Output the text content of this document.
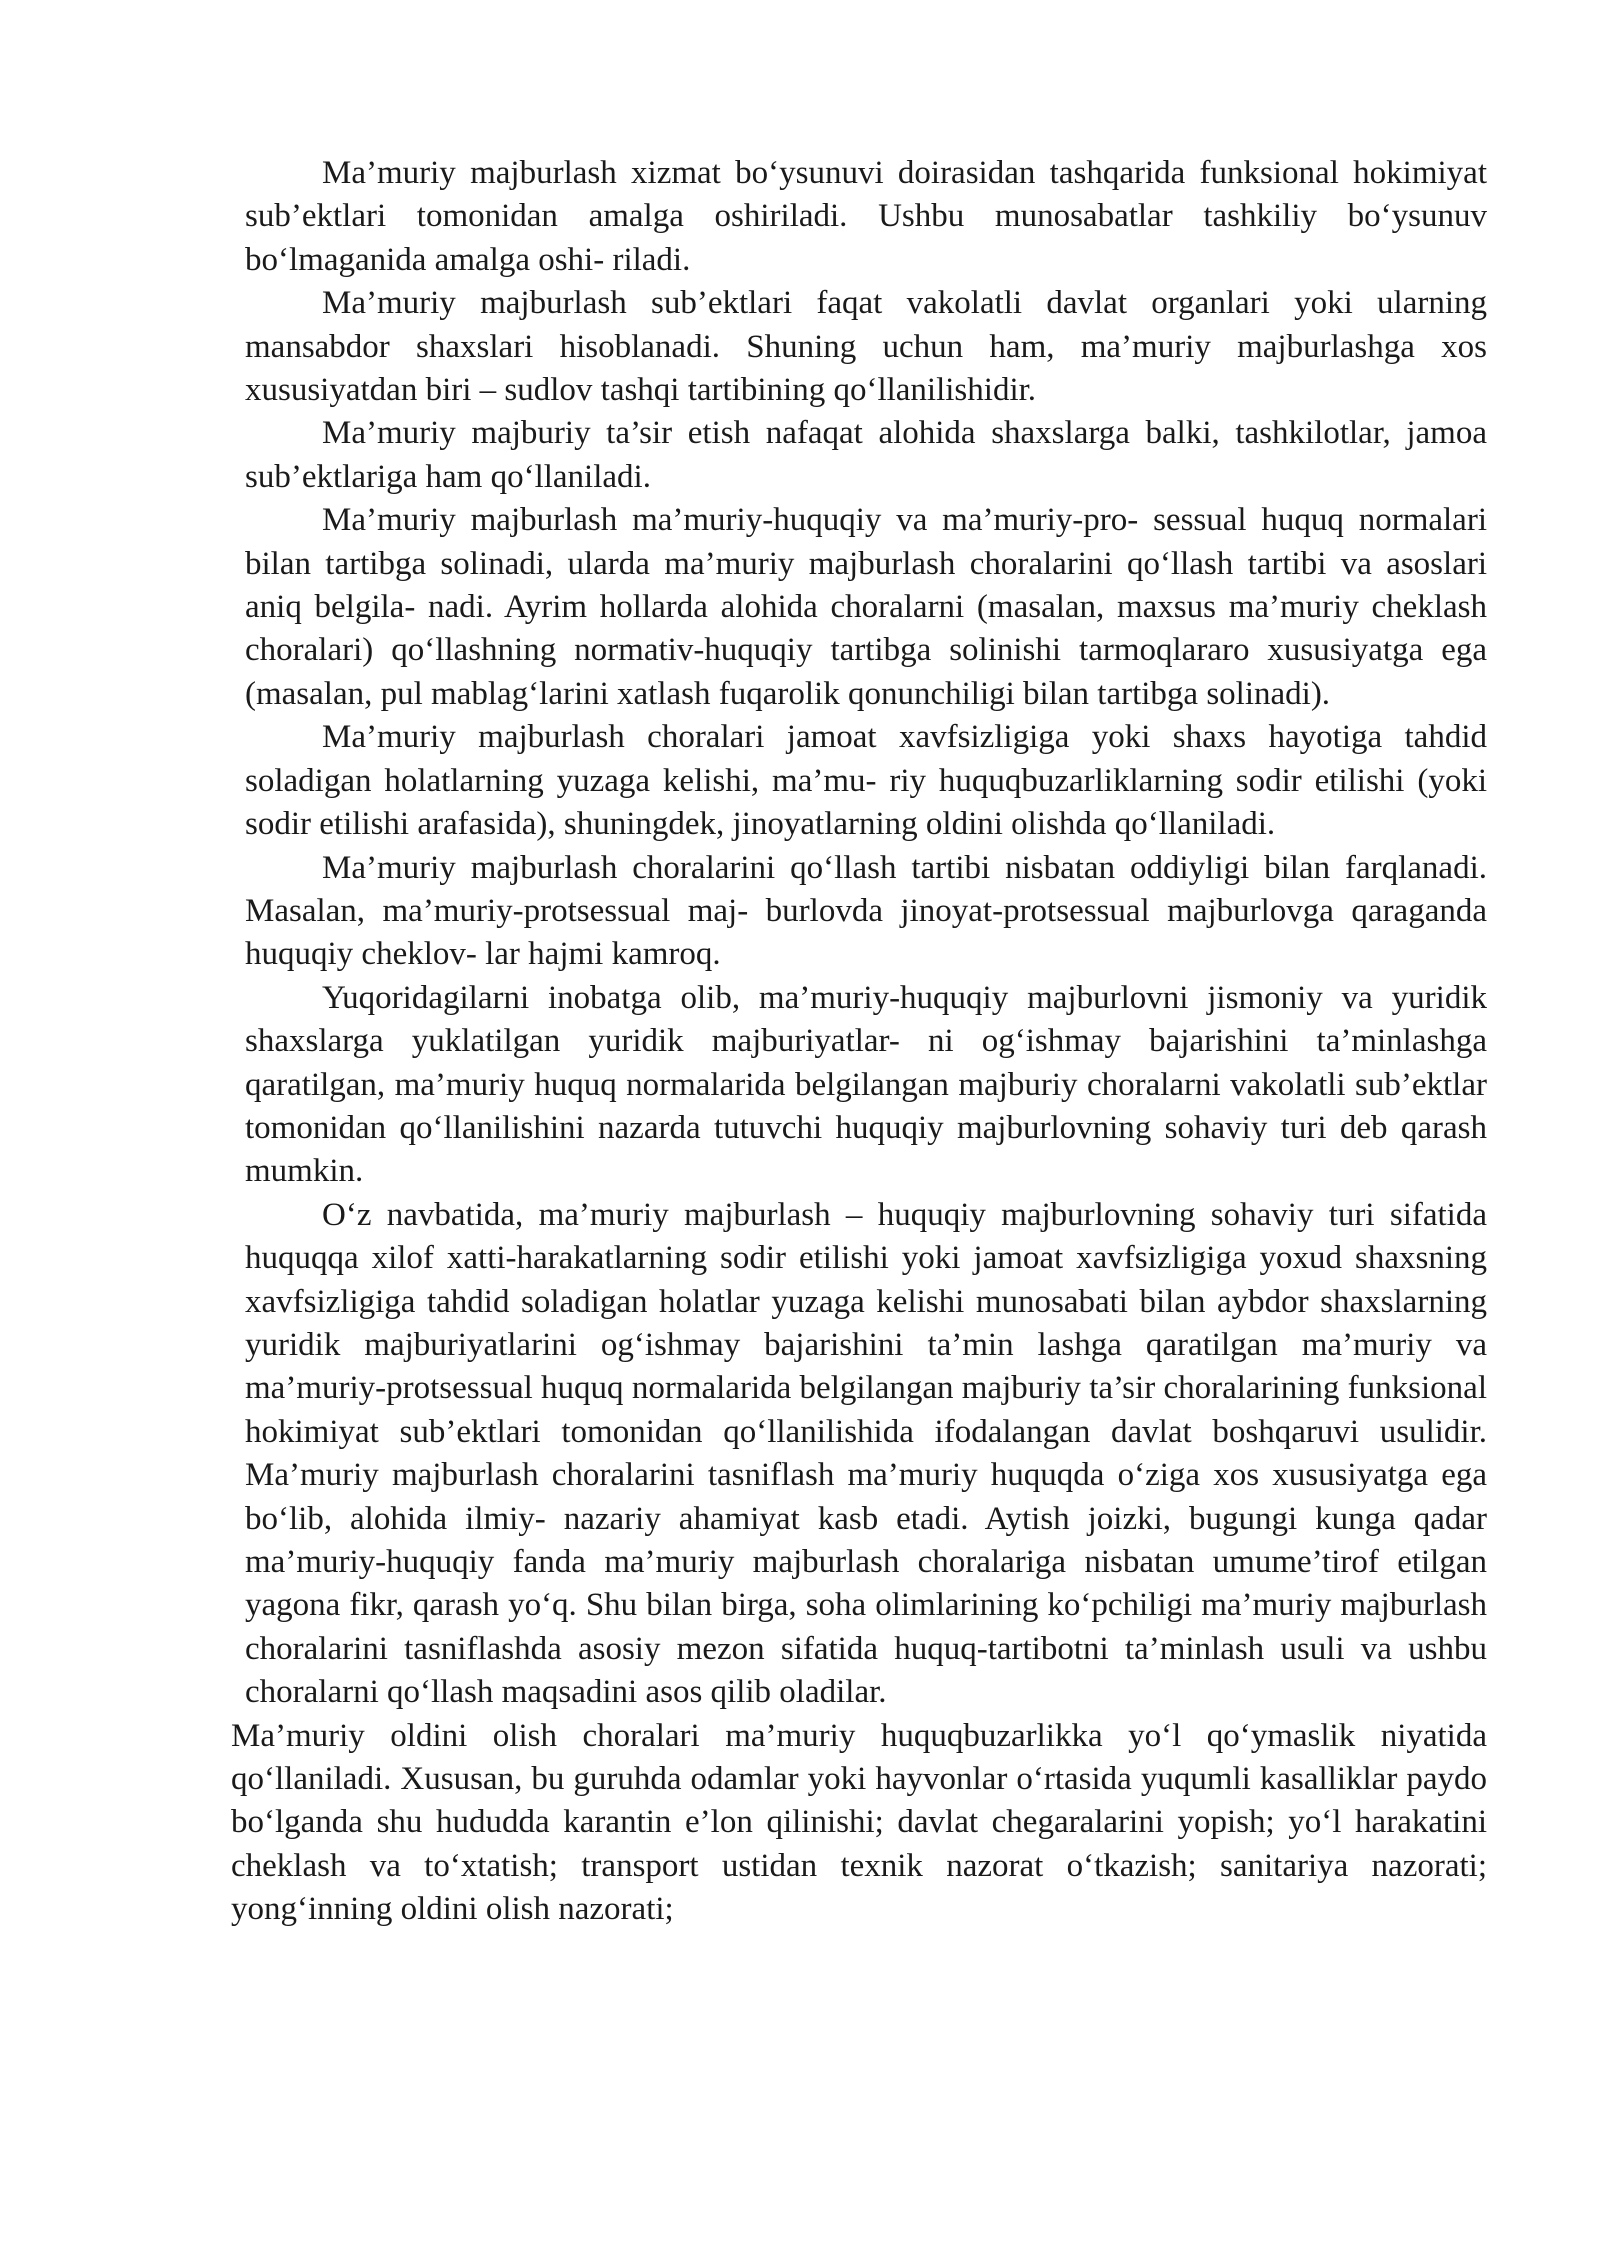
Ma’muriy majburlash xizmat bo‘ysunuvi doirasidan tashqarida funksional hokimiyat sub’ektlari tomonidan amalga oshiriladi. Ushbu munosabatlar tashkiliy bo‘ysunuv bo‘lmaganida amalga oshi- riladi.

Ma’muriy majburlash sub’ektlari faqat vakolatli davlat organlari yoki ularning mansabdor shaxslari hisoblanadi. Shuning uchun ham, ma’muriy majburlashga xos xususiyatdan biri – sudlov tashqi tartibining qo‘llanilishidir.

Ma’muriy majburiy ta’sir etish nafaqat alohida shaxslarga balki, tashkilotlar, jamoa sub’ektlariga ham qo‘llaniladi.

Ma’muriy majburlash ma’muriy-huquqiy va ma’muriy-pro- sessual huquq normalari bilan tartibga solinadi, ularda ma’muriy majburlash choralarini qo‘llash tartibi va asoslari aniq belgila- nadi. Ayrim hollarda alohida choralarni (masalan, maxsus ma’muriy cheklash choralari) qo‘llashning normativ-huquqiy tartibga solinishi tarmoqlararo xususiyatga ega (masalan, pul mablag‘larini xatlash fuqarolik qonunchiligi bilan tartibga solinadi).

Ma’muriy majburlash choralari jamoat xavfsizligiga yoki shaxs hayotiga tahdid soladigan holatlarning yuzaga kelishi, ma’mu- riy huquqbuzarliklarning sodir etilishi (yoki sodir etilishi arafasida), shuningdek, jinoyatlarning oldini olishda qo‘llaniladi.

Ma’muriy majburlash choralarini qo‘llash tartibi nisbatan oddiyligi bilan farqlanadi. Masalan, ma’muriy-protsessual maj- burlovda jinoyat-protsessual majburlovga qaraganda huquqiy cheklov- lar hajmi kamroq.

Yuqoridagilarni inobatga olib, ma’muriy-huquqiy majburlovni jismoniy va yuridik shaxslarga yuklatilgan yuridik majburiyatlar- ni og‘ishmay bajarishini ta’minlashga qaratilgan, ma’muriy huquq normalarida belgilangan majburiy choralarni vakolatli sub’ektlar tomonidan qo‘llanilishini nazarda tutuvchi huquqiy majburlovning sohaviy turi deb qarash mumkin.

O‘z navbatida, ma’muriy majburlash – huquqiy majburlovning sohaviy turi sifatida huquqqa xilof xatti-harakatlarning sodir etilishi yoki jamoat xavfsizligiga yoxud shaxsning xavfsizligiga tahdid soladigan holatlar yuzaga kelishi munosabati bilan aybdor shaxslarning yuridik majburiyatlarini og‘ishmay bajarishini ta’min lashga qaratilgan ma’muriy va ma’muriy-protsessual huquq normalarida belgilangan majburiy ta’sir choralarining funksional hokimiyat sub’ektlari tomonidan qo‘llanilishida ifodalangan davlat boshqaruvi usulidir. Ma’muriy majburlash choralarini tasniflash ma’muriy huquqda o‘ziga xos xususiyatga ega bo‘lib, alohida ilmiy- nazariy ahamiyat kasb etadi. Aytish joizki, bugungi kunga qadar ma’muriy-huquqiy fanda ma’muriy majburlash choralariga nisbatan umume’tirof etilgan yagona fikr, qarash yo‘q. Shu bilan birga, soha olimlarining ko‘pchiligi ma’muriy majburlash choralarini tasniflashda asosiy mezon sifatida huquq-tartibotni ta’minlash usuli va ushbu choralarni qo‘llash maqsadini asos qilib oladilar.

Ma’muriy oldini olish choralari ma’muriy huquqbuzarlikka yo‘l qo‘ymaslik niyatida qo‘llaniladi. Xususan, bu guruhda odamlar yoki hayvonlar o‘rtasida yuqumli kasalliklar paydo bo‘lganda shu hududda karantin e’lon qilinishi; davlat chegaralarini yopish; yo‘l harakatini cheklash va to‘xtatish; transport ustidan texnik nazorat o‘tkazish; sanitariya nazorati; yong‘inning oldini olish nazorati;
